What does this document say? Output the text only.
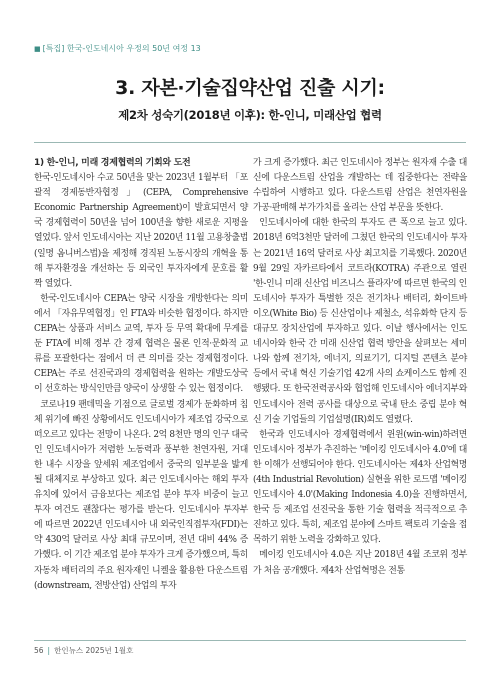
■ [특집] 한국-인도네시아 우정의 50년 여정 13
3. 자본·기술집약산업 진출 시기:
제2차 성숙기(2018년 이후): 한-인니, 미래산업 협력

1) 한-인니, 미래 경제협력의 기회와 도전

한국-인도네시아 수교 50년을 맞는 2023년 1월부터 「포괄적 경제동반자협정」(CEPA, Comprehensive Economic Partnership Agreement)이 발효되면서 양국 경제협력이 50년을 넘어 100년을 향한 새로운 지평을 열었다. 앞서 인도네시아는 지난 2020년 11월 고용창출법(일명 옴니버스법)을 제정해 경직된 노동시장의 개혁을 통해 투자환경을 개선하는 등 외국인 투자자에게 문호를 활짝 열었다.

한국-인도네시아 CEPA는 양국 시장을 개방한다는 의미에서 「자유무역협정」인 FTA와 비슷한 협정이다. 하지만 CEPA는 상품과 서비스 교역, 투자 등 무역 확대에 무게를 둔 FTA에 비해 정부 간 경제 협력은 물론 인적·문화적 교류를 포괄한다는 점에서 더 큰 의미를 갖는 경제협정이다. CEPA는 주로 선진국과의 경제협력을 원하는 개발도상국이 선호하는 방식인만큼 양국이 상생할 수 있는 협정이다.

코로나19 팬데믹을 기점으로 글로벌 경제가 둔화하며 침체 위기에 빠진 상황에서도 인도네시아가 제조업 강국으로 떠오르고 있다는 전망이 나온다. 2억 8천만 명의 인구 대국인 인도네시아가 저렴한 노동력과 풍부한 천연자원, 거대한 내수 시장을 앞세워 제조업에서 중국의 일부분을 밟게 될 대체지로 부상하고 있다. 최근 인도네시아는 해외 투자 유치에 있어서 금융보다는 제조업 분야 투자 비중이 늘고 투자 여건도 괜찮다는 평가를 받는다. 인도네시아 투자부에 따르면 2022년 인도네시아 내 외국인직접투자(FDI)는 약 430억 달러로 사상 최대 규모이며, 전년 대비 44% 증가했다. 이 기간 제조업 분야 투자가 크게 증가했으며, 특히 자동차 배터리의 주요 원자재인 니켈을 활용한 다운스트림(downstream, 전방산업) 산업의 투자

가 크게 증가했다. 최근 인도네시아 정부는 원자재 수출 대신에 다운스트림 산업을 개발하는 데 집중한다는 전략을 수립하여 시행하고 있다. 다운스트림 산업은 천연자원을 가공·판매해 부가가치를 올리는 산업 부문을 뜻한다.

인도네시아에 대한 한국의 투자도 큰 폭으로 늘고 있다. 2018년 6억3천만 달러에 그쳤던 한국의 인도네시아 투자는 2021년 16억 달러로 사상 최고치를 기록했다. 2020년 9월 29일 자카르타에서 코트라(KOTRA) 주관으로 열린 '한-인니 미래 신산업 비즈니스 플라자'에 따르면 한국의 인도네시아 투자가 특별한 것은 전기차나 배터리, 화이트바이오(White Bio) 등 신산업이나 제철소, 석유화학 단지 등 대규모 장치산업에 투자하고 있다. 이날 행사에서는 인도네시아와 한국 간 미래 신산업 협력 방안을 살펴보는 세미나와 함께 전기차, 에너지, 의료기기, 디지털 콘텐츠 분야 등에서 국내 혁신 기술기업 42개 사의 쇼케이스도 함께 진행됐다. 또 한국전력공사와 협업해 인도네시아 에너지부와 인도네시아 전력 공사를 대상으로 국내 탄소 중립 분야 혁신 기술 기업들의 기업설명(IR)회도 열렸다.

한국과 인도네시아 경제협력에서 윈윈(win-win)하려면 인도네시아 정부가 추진하는 '메이킹 인도네시아 4.0'에 대한 이해가 선행되어야 한다. 인도네시아는 제4차 산업혁명(4th Industrial Revolution) 실현을 위한 로드맵 '메이킹 인도네시아 4.0'(Making Indonesia 4.0)을 진행하면서, 한국 등 제조업 선진국을 통한 기술 협력을 적극적으로 추진하고 있다. 특히, 제조업 분야에 스마트 팩토리 기술을 접목하기 위한 노력을 강화하고 있다.

메이킹 인도네시아 4.0은 지난 2018년 4월 조코위 정부가 처음 공개했다. 제4차 산업혁명은 전통

56 | 한인뉴스 2025년 1월호
